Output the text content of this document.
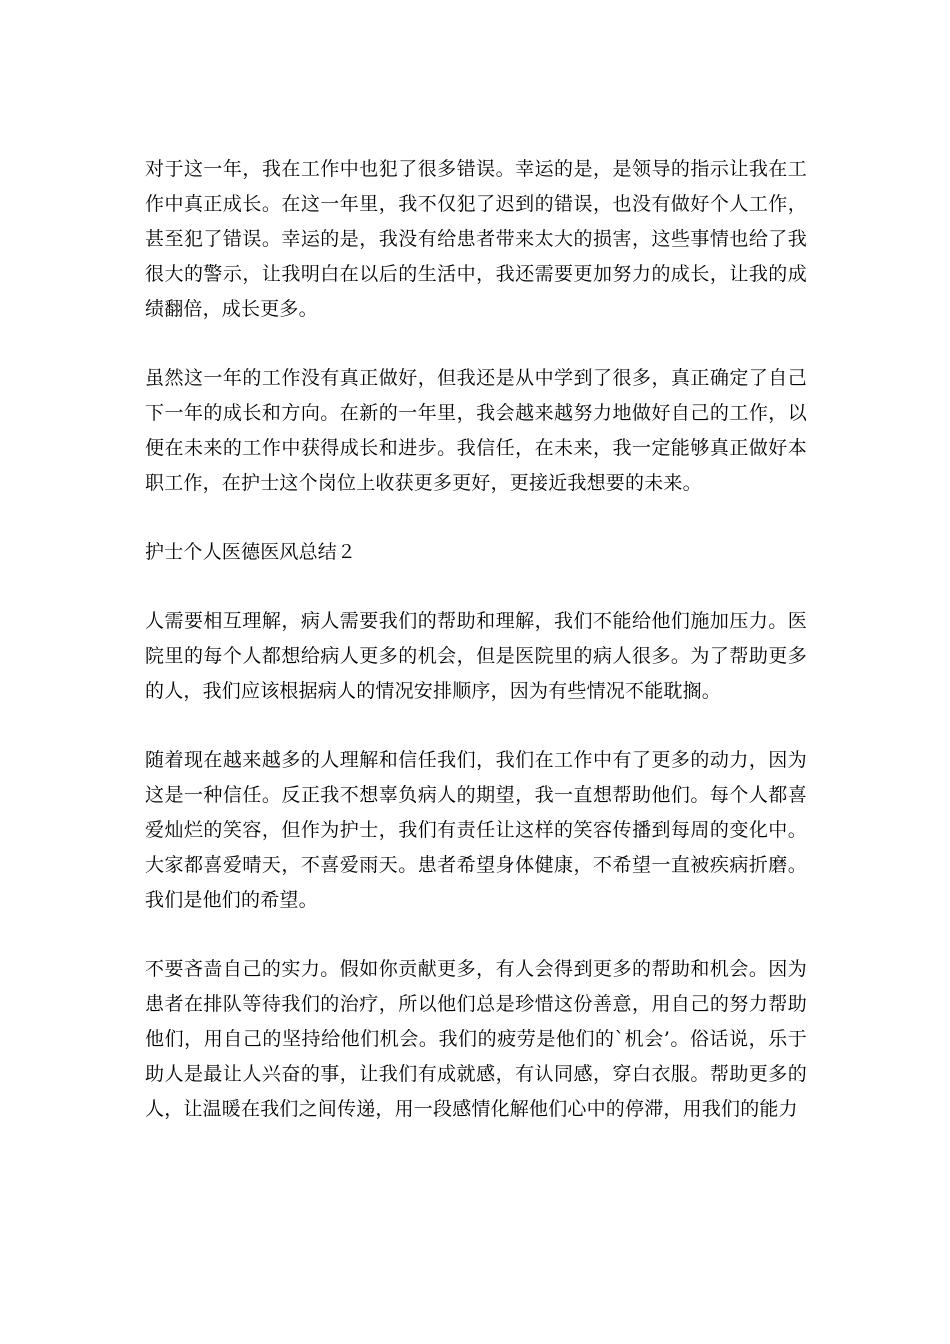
对于这一年，我在工作中也犯了很多错误。幸运的是，是领导的指示让我在工作中真正成长。在这一年里，我不仅犯了迟到的错误，也没有做好个人工作，甚至犯了错误。幸运的是，我没有给患者带来太大的损害，这些事情也给了我很大的警示，让我明白在以后的生活中，我还需要更加努力的成长，让我的成绩翻倍，成长更多。

虽然这一年的工作没有真正做好，但我还是从中学到了很多，真正确定了自己下一年的成长和方向。在新的一年里，我会越来越努力地做好自己的工作，以便在未来的工作中获得成长和进步。我信任，在未来，我一定能够真正做好本职工作，在护士这个岗位上收获更多更好，更接近我想要的未来。

护士个人医德医风总结２

人需要相互理解，病人需要我们的帮助和理解，我们不能给他们施加压力。医院里的每个人都想给病人更多的机会，但是医院里的病人很多。为了帮助更多的人，我们应该根据病人的情况安排顺序，因为有些情况不能耽搁。

随着现在越来越多的人理解和信任我们，我们在工作中有了更多的动力，因为这是一种信任。反正我不想辜负病人的期望，我一直想帮助他们。每个人都喜爱灿烂的笑容，但作为护士，我们有责任让这样的笑容传播到每周的变化中。大家都喜爱晴天，不喜爱雨天。患者希望身体健康，不希望一直被疾病折磨。我们是他们的希望。

不要吝啬自己的实力。假如你贡献更多，有人会得到更多的帮助和机会。因为患者在排队等待我们的治疗，所以他们总是珍惜这份善意，用自己的努力帮助他们，用自己的坚持给他们机会。我们的疲劳是他们的`机会’。俗话说，乐于助人是最让人兴奋的事，让我们有成就感，有认同感，穿白衣服。帮助更多的人，让温暖在我们之间传递，用一段感情化解他们心中的停滞，用我们的能力
